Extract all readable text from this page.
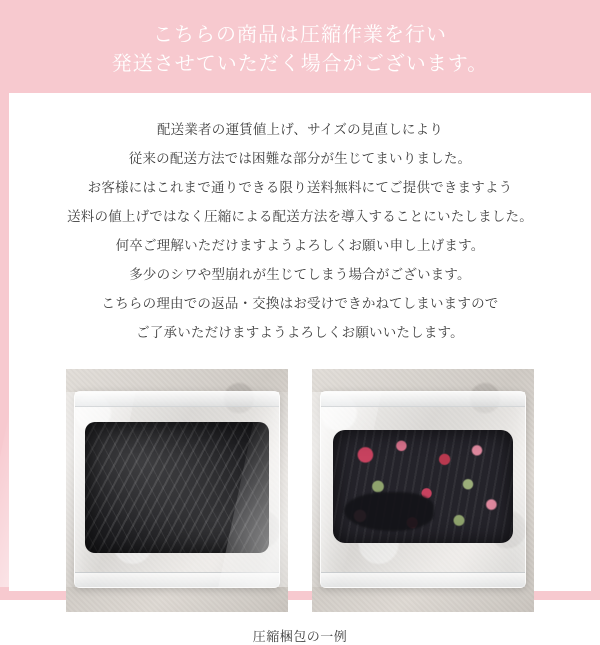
こちらの商品は圧縮作業を行い
発送させていただく場合がございます。
配送業者の運賃値上げ、サイズの見直しにより
従来の配送方法では困難な部分が生じてまいりました。
お客様にはこれまで通りできる限り送料無料にてご提供できますよう
送料の値上げではなく圧縮による配送方法を導入することにいたしました。
何卒ご理解いただけますようよろしくお願い申し上げます。
多少のシワや型崩れが生じてしまう場合がございます。
こちらの理由での返品・交換はお受けできかねてしまいますので
ご了承いただけますようよろしくお願いいたします。
圧縮梱包の一例
